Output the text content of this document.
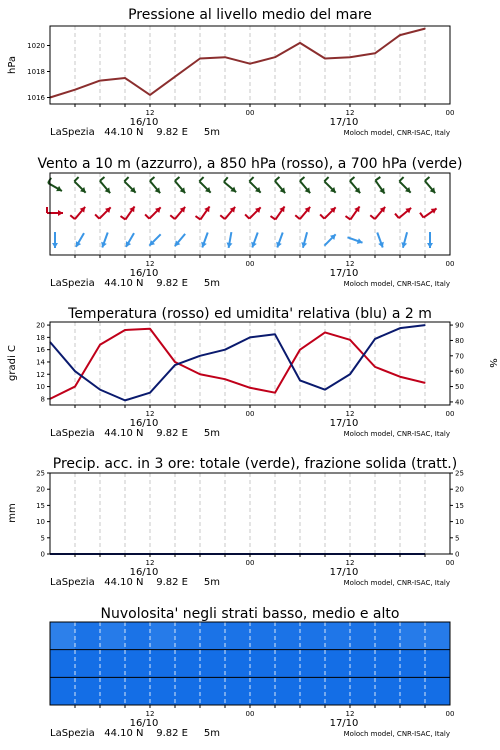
Pressione al livello medio del mare
hPa
1016
1018
1020
12	00	12	00
16/10	17/10
LaSpezia   44.10 N    9.82 E     5m	Moloch model, CNR-ISAC, Italy
Vento a 10 m (azzurro), a 850 hPa (rosso), a 700 hPa (verde)
12	00	12	00
16/10	17/10
LaSpezia   44.10 N    9.82 E     5m	Moloch model, CNR-ISAC, Italy
Temperatura (rosso) ed umidita' relativa (blu) a 2 m
gradi C	%
8
10
12
14
16
18
20
40
50
60
70
80
90
12	00	12	00
16/10	17/10
LaSpezia   44.10 N    9.82 E     5m	Moloch model, CNR-ISAC, Italy
Precip. acc. in 3 ore: totale (verde), frazione solida (tratt.)
mm
0
5
10
15
20
25
0
5
10
15
20
25
12	00	12	00
16/10	17/10
LaSpezia   44.10 N    9.82 E     5m	Moloch model, CNR-ISAC, Italy
Nuvolosita' negli strati basso, medio e alto
12	00	12	00
16/10	17/10
LaSpezia   44.10 N    9.82 E     5m	Moloch model, CNR-ISAC, Italy
